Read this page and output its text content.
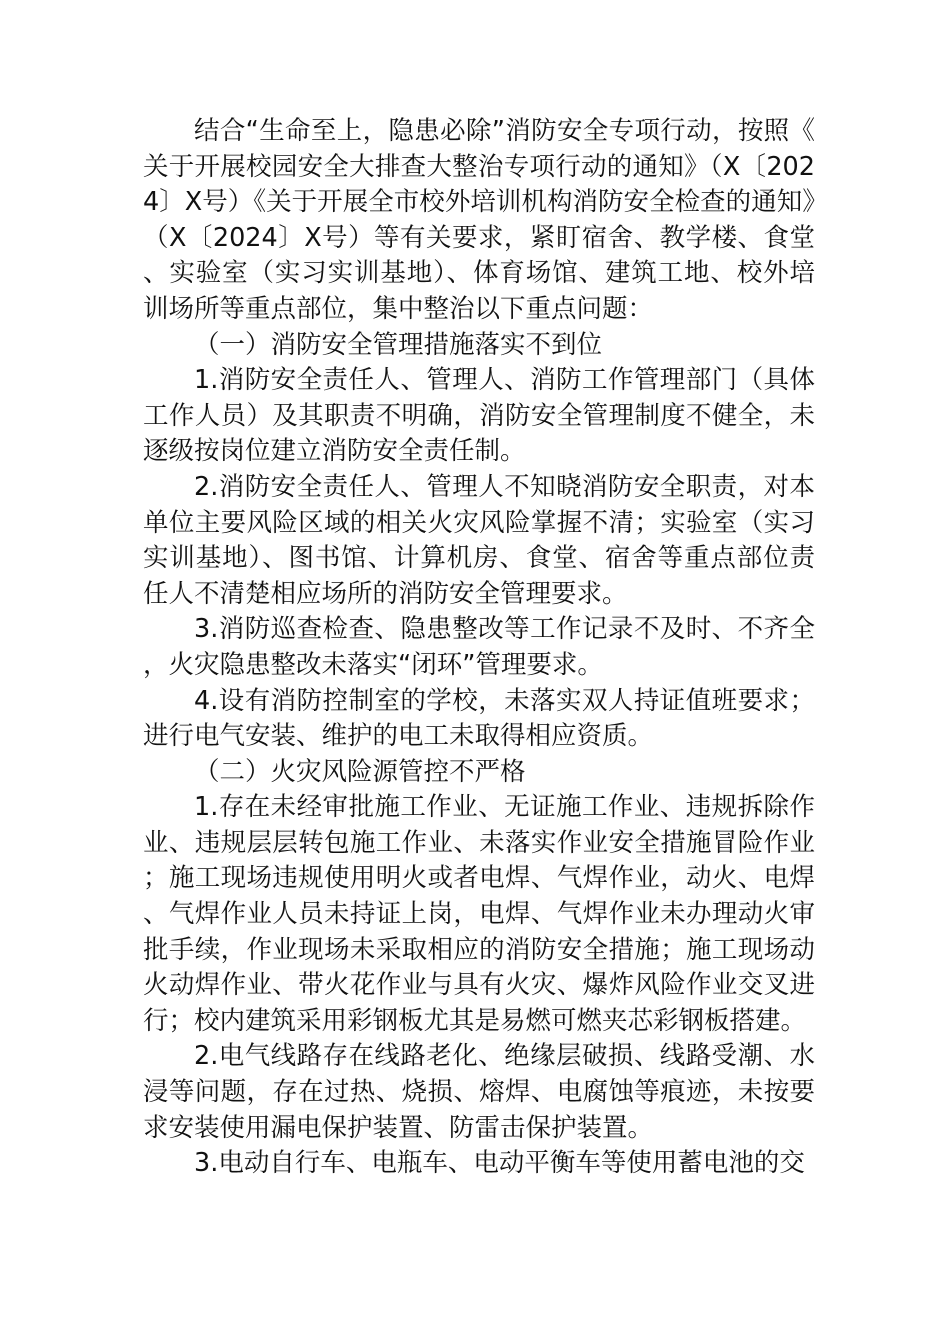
结合“生命至上，隐患必除”消防安全专项行动，按照《关于开展校园安全大排查大整治专项行动的通知》（X〔2024〕X号）《关于开展全市校外培训机构消防安全检查的通知》（X〔2024〕X号）等有关要求，紧盯宿舍、教学楼、食堂、实验室（实习实训基地）、体育场馆、建筑工地、校外培训场所等重点部位，集中整治以下重点问题：

（一）消防安全管理措施落实不到位

1.消防安全责任人、管理人、消防工作管理部门（具体工作人员）及其职责不明确，消防安全管理制度不健全，未逐级按岗位建立消防安全责任制。

2.消防安全责任人、管理人不知晓消防安全职责，对本单位主要风险区域的相关火灾风险掌握不清；实验室（实习实训基地）、图书馆、计算机房、食堂、宿舍等重点部位责任人不清楚相应场所的消防安全管理要求。

3.消防巡查检查、隐患整改等工作记录不及时、不齐全，火灾隐患整改未落实“闭环”管理要求。

4.设有消防控制室的学校，未落实双人持证值班要求；进行电气安装、维护的电工未取得相应资质。

（二）火灾风险源管控不严格

1.存在未经审批施工作业、无证施工作业、违规拆除作业、违规层层转包施工作业、未落实作业安全措施冒险作业；施工现场违规使用明火或者电焊、气焊作业，动火、电焊、气焊作业人员未持证上岗，电焊、气焊作业未办理动火审批手续，作业现场未采取相应的消防安全措施；施工现场动火动焊作业、带火花作业与具有火灾、爆炸风险作业交叉进行；校内建筑采用彩钢板尤其是易燃可燃夹芯彩钢板搭建。

2.电气线路存在线路老化、绝缘层破损、线路受潮、水浸等问题，存在过热、烧损、熔焊、电腐蚀等痕迹，未按要求安装使用漏电保护装置、防雷击保护装置。

3.电动自行车、电瓶车、电动平衡车等使用蓄电池的交
